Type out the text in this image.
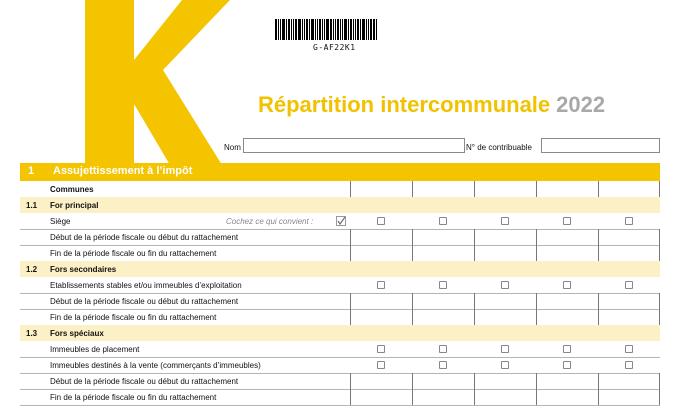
G-AF22K1
Répartition intercommunale 2022
Nom	N° de contribuable
1 Assujettissement à l’impôt
Communes
1.1 For principal
Siège
Début de la période fiscale ou début du rattachement
Fin de la période fiscale ou fin du rattachement
1.2 Fors secondaires
Etablissements stables et/ou immeubles d’exploitation
Début de la période fiscale ou début du rattachement
Fin de la période fiscale ou fin du rattachement
1.3 Fors spéciaux
Immeubles de placement
Immeubles destinés à la vente (commerçants d’immeubles)
Début de la période fiscale ou début du rattachement
Fin de la période fiscale ou fin du rattachement
Cochez ce qui convient :
